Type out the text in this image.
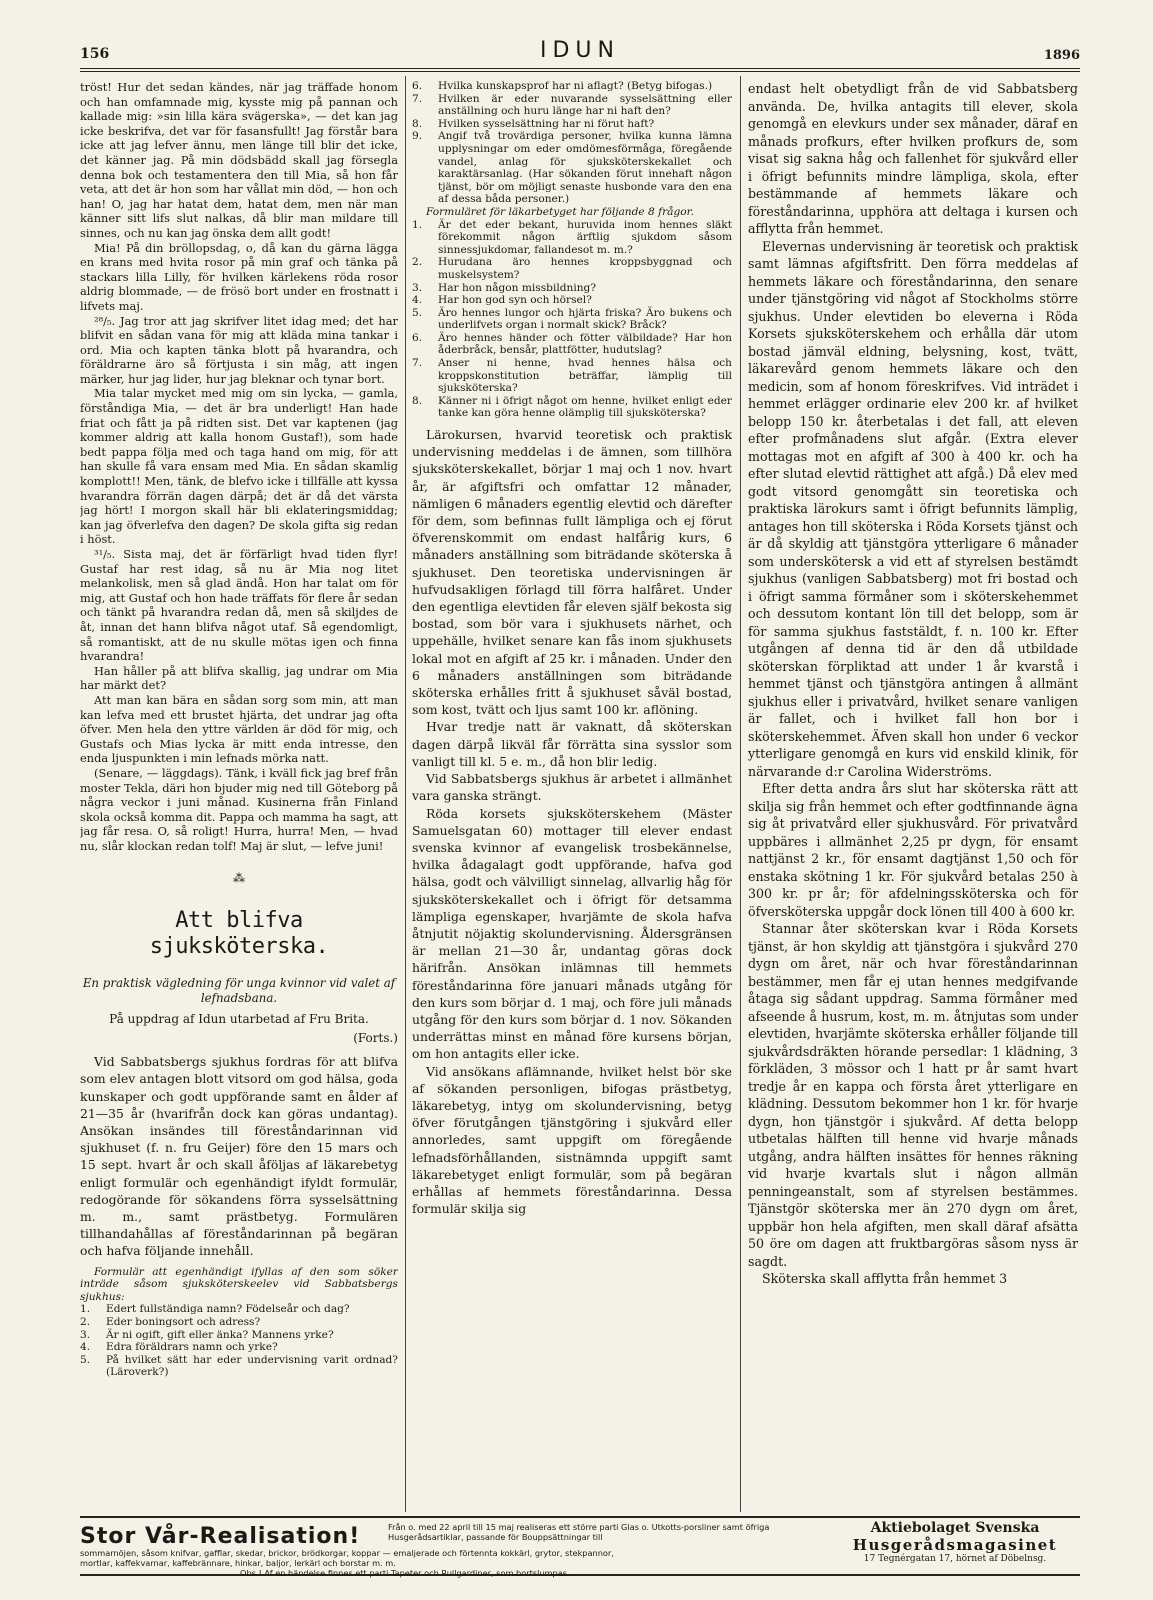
156	IDUN	1896

tröst! Hur det sedan kändes, när jag träffade honom och han omfamnade mig, kysste mig på pannan och kallade mig: »sin lilla kära svägerska», — det kan jag icke beskrifva, det var för fasansfullt! Jag förstår bara icke att jag lefver ännu, men länge till blir det icke, det känner jag. På min dödsbädd skall jag försegla denna bok och testamentera den till Mia, så hon får veta, att det är hon som har vållat min död, — hon och han! O, jag har hatat dem, hatat dem, men när man känner sitt lifs slut nalkas, då blir man mildare till sinnes, och nu kan jag önska dem allt godt!

Mia! På din bröllopsdag, o, då kan du gärna lägga en krans med hvita rosor på min graf och tänka på stackars lilla Lilly, för hvilken kärlekens röda rosor aldrig blommade, — de frösö bort under en frostnatt i lifvets maj.

²⁸/₅. Jag tror att jag skrifver litet idag med; det har blifvit en sådan vana för mig att kläda mina tankar i ord. Mia och kapten tänka blott på hvarandra, och föräldrarne äro så förtjusta i sin måg, att ingen märker, hur jag lider, hur jag bleknar och tynar bort.

Mia talar mycket med mig om sin lycka, — gamla, förståndiga Mia, — det är bra underligt! Han hade friat och fått ja på ridten sist. Det var kaptenen (jag kommer aldrig att kalla honom Gustaf!), som hade bedt pappa följa med och taga hand om mig, för att han skulle få vara ensam med Mia. En sådan skamlig komplott!! Men, tänk, de blefvo icke i tillfälle att kyssa hvarandra förrän dagen därpå; det är då det värsta jag hört! I morgon skall här bli eklateringsmiddag; kan jag öfverlefva den dagen? De skola gifta sig redan i höst.

³¹/₅. Sista maj, det är förfärligt hvad tiden flyr! Gustaf har rest idag, så nu är Mia nog litet melankolisk, men så glad ändå. Hon har talat om för mig, att Gustaf och hon hade träffats för flere år sedan och tänkt på hvarandra redan då, men så skiljdes de åt, innan det hann blifva något utaf. Så egendomligt, så romantiskt, att de nu skulle mötas igen och finna hvarandra!

Han håller på att blifva skallig, jag undrar om Mia har märkt det?

Att man kan bära en sådan sorg som min, att man kan lefva med ett brustet hjärta, det undrar jag ofta öfver. Men hela den yttre världen är död för mig, och Gustafs och Mias lycka är mitt enda intresse, den enda ljuspunkten i min lefnads mörka natt.

(Senare, — läggdags). Tänk, i kväll fick jag bref från moster Tekla, däri hon bjuder mig ned till Göteborg på några veckor i juni månad. Kusinerna från Finland skola också komma dit. Pappa och mamma ha sagt, att jag får resa. O, så roligt! Hurra, hurra! Men, — hvad nu, slår klockan redan tolf! Maj är slut, — lefve juni!

⁂
Att blifva sjuksköterska.
En praktisk vägledning för unga kvinnor vid valet af lefnadsbana.
På uppdrag af Idun utarbetad af Fru Brita.
(Forts.)

Vid Sabbatsbergs sjukhus fordras för att blifva som elev antagen blott vitsord om god hälsa, goda kunskaper och godt uppförande samt en ålder af 21—35 år (hvarifrån dock kan göras undantag). Ansökan insändes till föreståndarinnan vid sjukhuset (f. n. fru Geijer) före den 15 mars och 15 sept. hvart år och skall åföljas af läkarebetyg enligt formulär och egenhändigt ifyldt formulär, redogörande för sökandens förra sysselsättning m. m., samt prästbetyg. Formulären tillhandahållas af föreståndarinnan på begäran och hafva följande innehåll.

Formulär att egenhändigt ifyllas af den som söker inträde såsom sjuksköterskeelev vid Sabbatsbergs sjukhus:

1.	Edert fullständiga namn? Födelseår och dag?
2.	Eder boningsort och adress?
3.	Är ni ogift, gift eller änka? Mannens yrke?
4.	Edra föräldrars namn och yrke?
5.	På hvilket sätt har eder undervisning varit ordnad? (Läroverk?)
6.	Hvilka kunskapsprof har ni aflagt? (Betyg bifogas.)
7.	Hvilken är eder nuvarande sysselsättning eller anställning och huru länge har ni haft den?
8.	Hvilken sysselsättning har ni förut haft?
9.	Angif två trovärdiga personer, hvilka kunna lämna upplysningar om eder omdömesförmåga, föregående vandel, anlag för sjuksköterskekallet och karaktärsanlag. (Har sökanden förut innehaft någon tjänst, bör om möjligt senaste husbonde vara den ena af dessa båda personer.)

Formuläret för läkarbetyget har följande 8 frågor.

1.	Är det eder bekant, huruvida inom hennes släkt förekommit någon ärftlig sjukdom såsom sinnessjukdomar, fallandesot m. m.?
2.	Hurudana äro hennes kroppsbyggnad och muskelsystem?
3.	Har hon någon missbildning?
4.	Har hon god syn och hörsel?
5.	Äro hennes lungor och hjärta friska? Äro bukens och underlifvets organ i normalt skick? Bråck?
6.	Äro hennes händer och fötter välbildade? Har hon åderbråck, bensår, plattfötter, hudutslag?
7.	Anser ni henne, hvad hennes hälsa och kroppskonstitution beträffar, lämplig till sjuksköterska?
8.	Känner ni i öfrigt något om henne, hvilket enligt eder tanke kan göra henne olämplig till sjuksköterska?

Lärokursen, hvarvid teoretisk och praktisk undervisning meddelas i de ämnen, som tillhöra sjuksköterskekallet, börjar 1 maj och 1 nov. hvart år, är afgiftsfri och omfattar 12 månader, nämligen 6 månaders egentlig elevtid och därefter för dem, som befinnas fullt lämpliga och ej förut öfverenskommit om endast halfårig kurs, 6 månaders anställning som biträdande sköterska å sjukhuset. Den teoretiska undervisningen är hufvudsakligen förlagd till förra halfåret. Under den egentliga elevtiden får eleven själf bekosta sig bostad, som bör vara i sjukhusets närhet, och uppehälle, hvilket senare kan fås inom sjukhusets lokal mot en afgift af 25 kr. i månaden. Under den 6 månaders anställningen som biträdande sköterska erhålles fritt å sjukhuset såväl bostad, som kost, tvätt och ljus samt 100 kr. aflöning.

Hvar tredje natt är vaknatt, då sköterskan dagen därpå likväl får förrätta sina sysslor som vanligt till kl. 5 e. m., då hon blir ledig.

Vid Sabbatsbergs sjukhus är arbetet i allmänhet vara ganska strängt.

Röda korsets sjuksköterskehem (Mäster Samuelsgatan 60) mottager till elever endast svenska kvinnor af evangelisk trosbekännelse, hvilka ådagalagt godt uppförande, hafva god hälsa, godt och välvilligt sinnelag, allvarlig håg för sjuksköterskekallet och i öfrigt för detsamma lämpliga egenskaper, hvarjämte de skola hafva åtnjutit nöjaktig skolundervisning. Åldersgränsen är mellan 21—30 år, undantag göras dock härifrån. Ansökan inlämnas till hemmets föreståndarinna före januari månads utgång för den kurs som börjar d. 1 maj, och före juli månads utgång för den kurs som börjar d. 1 nov. Sökanden underrättas minst en månad före kursens början, om hon antagits eller icke.

Vid ansökans aflämnande, hvilket helst bör ske af sökanden personligen, bifogas prästbetyg, läkarebetyg, intyg om skolundervisning, betyg öfver förutgången tjänstgöring i sjukvård eller annorledes, samt uppgift om föregående lefnadsförhållanden, sistnämnda uppgift samt läkarebetyget enligt formulär, som på begäran erhållas af hemmets föreståndarinna. Dessa formulär skilja sig

endast helt obetydligt från de vid Sabbatsberg använda. De, hvilka antagits till elever, skola genomgå en elevkurs under sex månader, däraf en månads profkurs, efter hvilken profkurs de, som visat sig sakna håg och fallenhet för sjukvård eller i öfrigt befunnits mindre lämpliga, skola, efter bestämmande af hemmets läkare och föreståndarinna, upphöra att deltaga i kursen och afflytta från hemmet.

Elevernas undervisning är teoretisk och praktisk samt lämnas afgiftsfritt. Den förra meddelas af hemmets läkare och föreståndarinna, den senare under tjänstgöring vid något af Stockholms större sjukhus. Under elevtiden bo eleverna i Röda Korsets sjuksköterskehem och erhålla där utom bostad jämväl eldning, belysning, kost, tvätt, läkarevård genom hemmets läkare och den medicin, som af honom föreskrifves. Vid inträdet i hemmet erlägger ordinarie elev 200 kr. af hvilket belopp 150 kr. återbetalas i det fall, att eleven efter profmånadens slut afgår. (Extra elever mottagas mot en afgift af 300 à 400 kr. och ha efter slutad elevtid rättighet att afgå.) Då elev med godt vitsord genomgått sin teoretiska och praktiska lärokurs samt i öfrigt befunnits lämplig, antages hon till sköterska i Röda Korsets tjänst och är då skyldig att tjänstgöra ytterligare 6 månader som underskötersk a vid ett af styrelsen bestämdt sjukhus (vanligen Sabbatsberg) mot fri bostad och i öfrigt samma förmåner som i sköterskehemmet och dessutom kontant lön till det belopp, som är för samma sjukhus faststäldt, f. n. 100 kr. Efter utgången af denna tid är den då utbildade sköterskan förpliktad att under 1 år kvarstå i hemmet tjänst och tjänstgöra antingen å allmänt sjukhus eller i privatvård, hvilket senare vanligen är fallet, och i hvilket fall hon bor i sköterskehemmet. Äfven skall hon under 6 veckor ytterligare genomgå en kurs vid enskild klinik, för närvarande d:r Carolina Widerströms.

Efter detta andra års slut har sköterska rätt att skilja sig från hemmet och efter godtfinnande ägna sig åt privatvård eller sjukhusvård. För privatvård uppbäres i allmänhet 2,25 pr dygn, för ensamt nattjänst 2 kr., för ensamt dagtjänst 1,50 och för enstaka skötning 1 kr. För sjukvård betalas 250 à 300 kr. pr år; för afdelningssköterska och för öfversköterska uppgår dock lönen till 400 à 600 kr.

Stannar åter sköterskan kvar i Röda Korsets tjänst, är hon skyldig att tjänstgöra i sjukvård 270 dygn om året, när och hvar föreståndarinnan bestämmer, men får ej utan hennes medgifvande åtaga sig sådant uppdrag. Samma förmåner med afseende å husrum, kost, m. m. åtnjutas som under elevtiden, hvarjämte sköterska erhåller följande till sjukvårdsdräkten hörande persedlar: 1 klädning, 3 förkläden, 3 mössor och 1 hatt pr år samt hvart tredje år en kappa och första året ytterligare en klädning. Dessutom bekommer hon 1 kr. för hvarje dygn, hon tjänstgör i sjukvård. Af detta belopp utbetalas hälften till henne vid hvarje månads utgång, andra hälften insättes för hennes räkning vid hvarje kvartals slut i någon allmän penningeanstalt, som af styrelsen bestämmes. Tjänstgör sköterska mer än 270 dygn om året, uppbär hon hela afgiften, men skall däraf afsätta 50 öre om dagen att fruktbargöras såsom nyss är sagdt.

Sköterska skall afflytta från hemmet 3

Stor Vår-Realisation!	Från o. med 22 april till 15 maj realiseras ett större parti Glas o. Utkotts-porsliner samt öfriga Husgerådsartiklar, passande för Bouppsättningar till
sommarnöjen, såsom knifvar, gafflar, skedar, brickor, brödkorgar, koppar — emaljerade och förtennta kokkärl, grytor, stekpannor,
mortlar, kaffekvarnar, kaffebrännare, hinkar, baljor, lerkärl och borstar m. m.
Obs.! Af en händelse finnes ett parti Tapeter och Rullgardiner, som bortslumpas.
Aktiebolaget Svenska
Husgerådsmagasinet
17 Tegnérgatan 17, hörnet af Döbelnsg.
